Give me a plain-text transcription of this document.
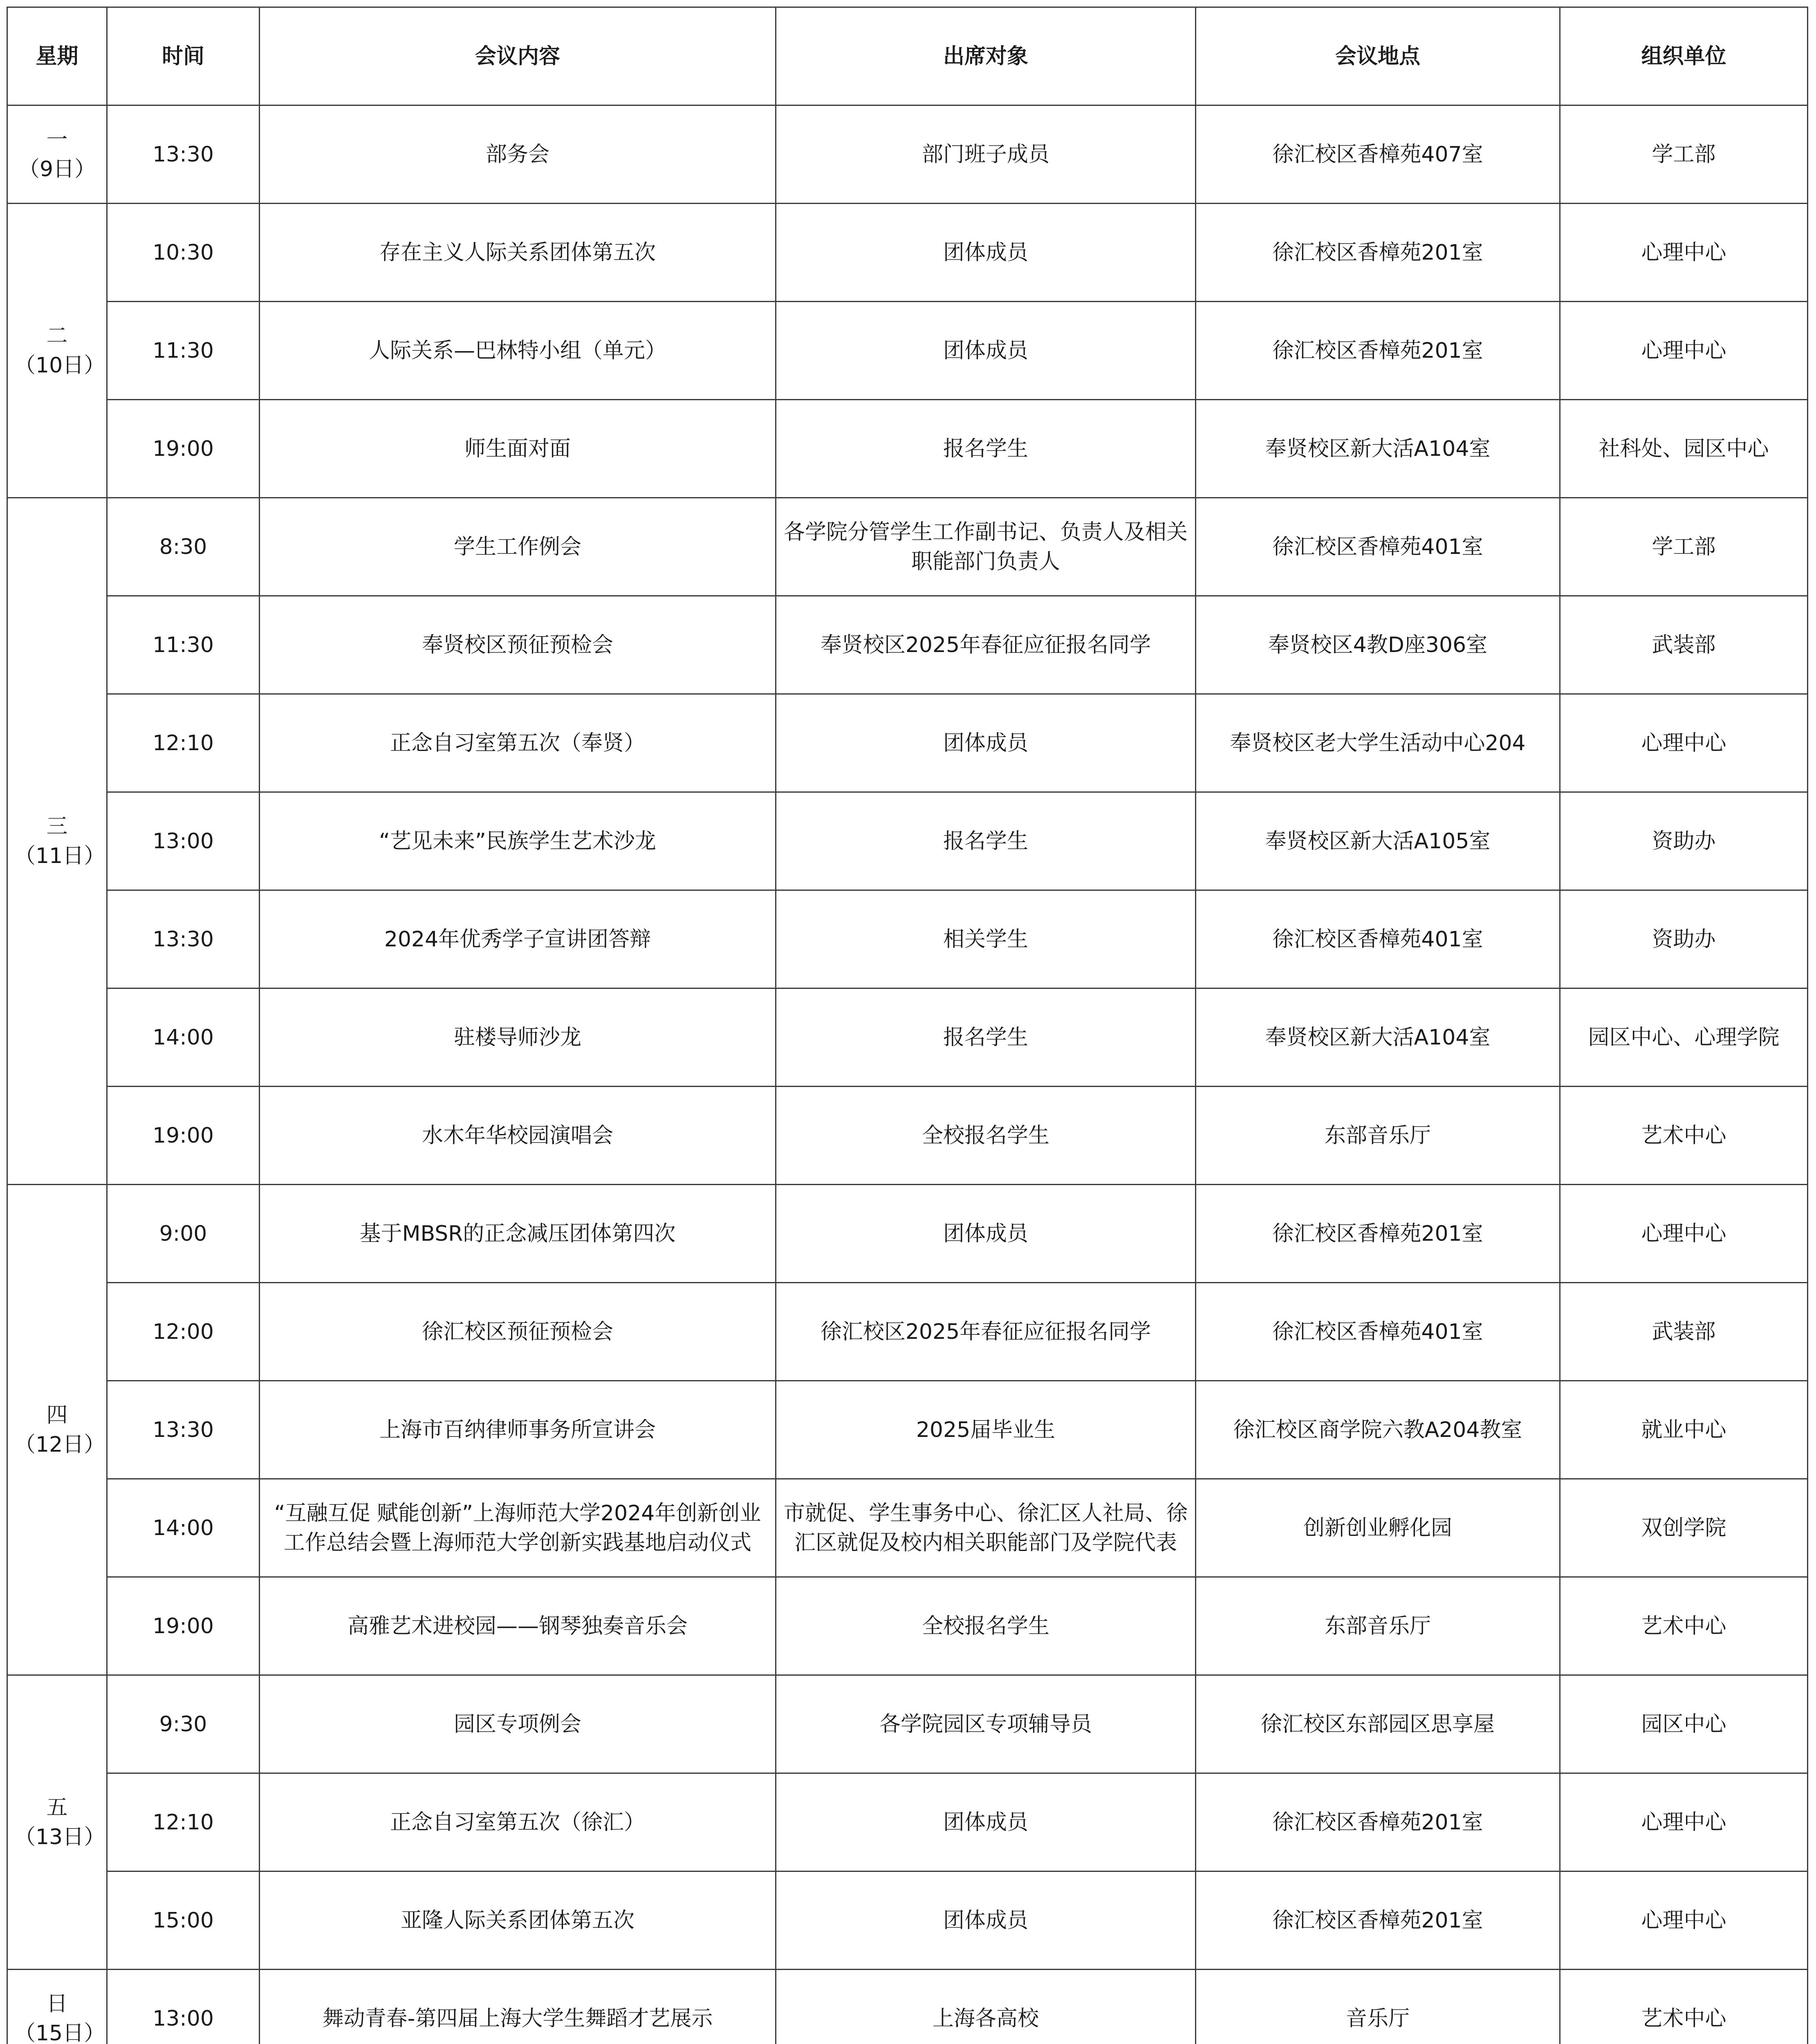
星期	时间	会议内容	出席对象	会议地点	组织单位

一
（9日）	13:30	部务会	部门班子成员	徐汇校区香樟苑407室	学工部

二
（10日）	10:30	存在主义人际关系团体第五次	团体成员	徐汇校区香樟苑201室	心理中心
	11:30	人际关系—巴林特小组（单元）	团体成员	徐汇校区香樟苑201室	心理中心
	19:00	师生面对面	报名学生	奉贤校区新大活A104室	社科处、园区中心

三
（11日）	8:30	学生工作例会	各学院分管学生工作副书记、负责人及相关职能部门负责人	徐汇校区香樟苑401室	学工部
	11:30	奉贤校区预征预检会	奉贤校区2025年春征应征报名同学	奉贤校区4教D座306室	武装部
	12:10	正念自习室第五次（奉贤）	团体成员	奉贤校区老大学生活动中心204	心理中心
	13:00	“艺见未来”民族学生艺术沙龙	报名学生	奉贤校区新大活A105室	资助办
	13:30	2024年优秀学子宣讲团答辩	相关学生	徐汇校区香樟苑401室	资助办
	14:00	驻楼导师沙龙	报名学生	奉贤校区新大活A104室	园区中心、心理学院
	19:00	水木年华校园演唱会	全校报名学生	东部音乐厅	艺术中心

四
（12日）	9:00	基于MBSR的正念减压团体第四次	团体成员	徐汇校区香樟苑201室	心理中心
	12:00	徐汇校区预征预检会	徐汇校区2025年春征应征报名同学	徐汇校区香樟苑401室	武装部
	13:30	上海市百纳律师事务所宣讲会	2025届毕业生	徐汇校区商学院六教A204教室	就业中心
	14:00	“互融互促 赋能创新”上海师范大学2024年创新创业工作总结会暨上海师范大学创新实践基地启动仪式	市就促、学生事务中心、徐汇区人社局、徐汇区就促及校内相关职能部门及学院代表	创新创业孵化园	双创学院
	19:00	高雅艺术进校园——钢琴独奏音乐会	全校报名学生	东部音乐厅	艺术中心

五
（13日）	9:30	园区专项例会	各学院园区专项辅导员	徐汇校区东部园区思享屋	园区中心
	12:10	正念自习室第五次（徐汇）	团体成员	徐汇校区香樟苑201室	心理中心
	15:00	亚隆人际关系团体第五次	团体成员	徐汇校区香樟苑201室	心理中心

日
（15日）	13:00	舞动青春-第四届上海大学生舞蹈才艺展示	上海各高校	音乐厅	艺术中心
